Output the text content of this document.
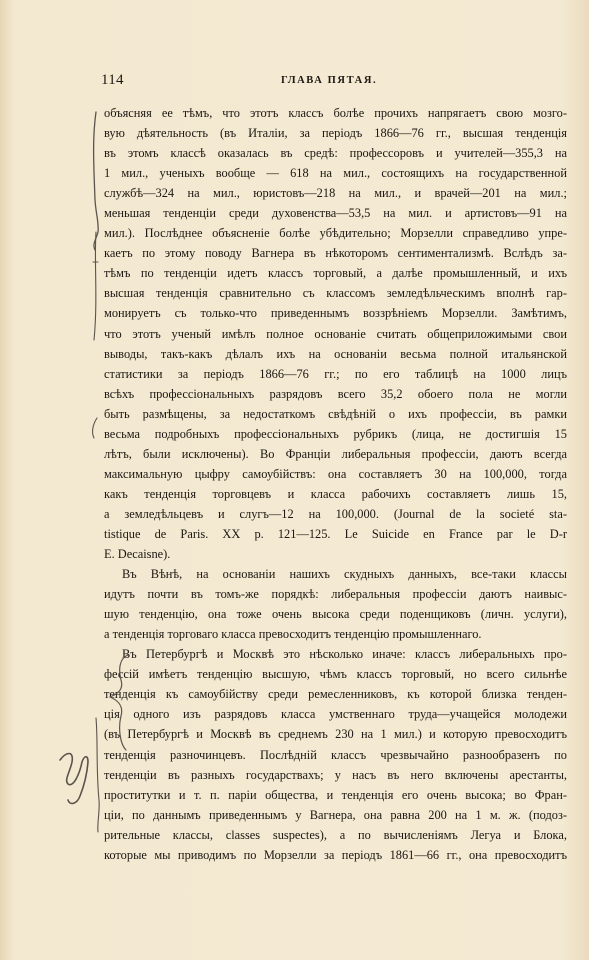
114	ГЛАВА ПЯТАЯ.
объясняя ее тѣмъ, что этотъ классъ болѣе прочихъ напрягаетъ свою мозго-
вую дѣятельность (въ Италіи, за періодъ 1866—76 гг., высшая тенденція
въ этомъ классѣ оказалась въ средѣ: профессоровъ и учителей—355,3 на
1 мил., ученыхъ вообще — 618 на мил., состоящихъ на государственной
службѣ—324 на мил., юристовъ—218 на мил., и врачей—201 на мил.;
меньшая тенденціи среди духовенства—53,5 на мил. и артистовъ—91 на
мил.). Послѣднее объясненіе болѣе убѣдительно; Морзелли справедливо упре-
каетъ по этому поводу Вагнера въ нѣкоторомъ сентиментализмѣ. Вслѣдъ за-
тѣмъ по тенденціи идетъ классъ торговый, а далѣе промышленный, и ихъ
высшая тенденція сравнительно съ классомъ земледѣльческимъ вполнѣ гар-
монируетъ съ только-что приведеннымъ воззрѣніемъ Морзелли. Замѣтимъ,
что этотъ ученый имѣлъ полное основаніе считать общеприложимыми свои
выводы, такъ-какъ дѣлалъ ихъ на основаніи весьма полной итальянской
статистики за періодъ 1866—76 гг.; по его таблицѣ на 1000 лицъ
всѣхъ профессіональныхъ разрядовъ всего 35,2 обоего пола не могли
быть размѣщены, за недостаткомъ свѣдѣній о ихъ профессіи, въ рамки
весьма подробныхъ профессіональныхъ рубрикъ (лица, не достигшія 15
лѣтъ, были исключены). Во Франціи либеральныя профессіи, даютъ всегда
максимальную цыфру самоубійствъ: она составляетъ 30 на 100,000, тогда
какъ тенденція торговцевъ и класса рабочихъ составляетъ лишь 15,
а земледѣльцевъ и слугъ—12 на 100,000. (Journal de la societé sta-
tistique de Paris. XX p. 121—125. Le Suicide en France par le D-r
E. Decaisne).
Въ Вѣнѣ, на основаніи нашихъ скудныхъ данныхъ, все-таки классы
идутъ почти въ томъ-же порядкѣ: либеральныя профессіи даютъ наивыс-
шую тенденцію, она тоже очень высока среди поденщиковъ (личн. услуги),
а тенденція торговаго класса превосходитъ тенденцію промышленнаго.
Въ Петербургѣ и Москвѣ это нѣсколько иначе: классъ либеральныхъ про-
фессій имѣетъ тенденцію высшую, чѣмъ классъ торговый, но всего сильнѣе
тенденція къ самоубійству среди ремесленниковъ, къ которой близка тенден-
ція одного изъ разрядовъ класса умственнаго труда—учащейся молодежи
(въ Петербургѣ и Москвѣ въ среднемъ 230 на 1 мил.) и которую превосходитъ
тенденція разночинцевъ. Послѣдній классъ чрезвычайно разнообразенъ по
тенденціи въ разныхъ государствахъ; у насъ въ него включены арестанты,
проститутки и т. п. паріи общества, и тенденція его очень высока; во Фран-
ціи, по даннымъ приведеннымъ у Вагнера, она равна 200 на 1 м. ж. (подоз-
рительные классы, classes suspectes), а по вычисленіямъ Легуа и Блока,
которые мы приводимъ по Морзелли за періодъ 1861—66 гг., она превосходитъ
